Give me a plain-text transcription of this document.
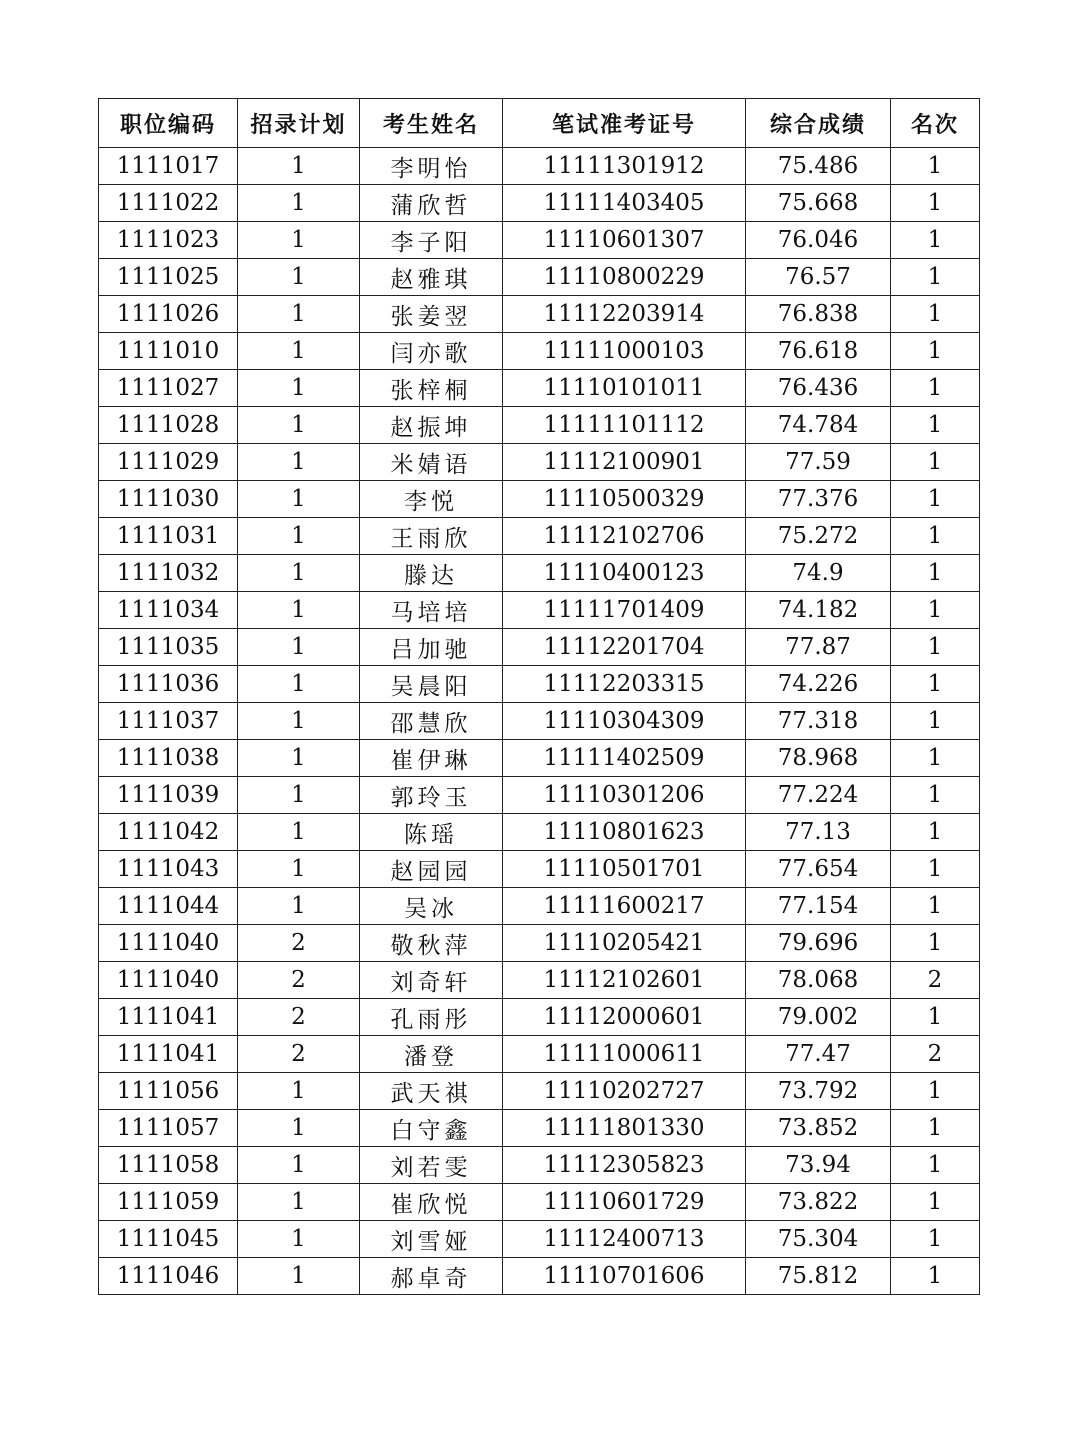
职位编码	招录计划	考生姓名	笔试准考证号	综合成绩	名次
1111017	1	李明怡	11111301912	75.486	1
1111022	1	蒲欣哲	11111403405	75.668	1
1111023	1	李子阳	11110601307	76.046	1
1111025	1	赵雅琪	11110800229	76.57	1
1111026	1	张姜翌	11112203914	76.838	1
1111010	1	闫亦歌	11111000103	76.618	1
1111027	1	张梓桐	11110101011	76.436	1
1111028	1	赵振坤	11111101112	74.784	1
1111029	1	米婧语	11112100901	77.59	1
1111030	1	李悦	11110500329	77.376	1
1111031	1	王雨欣	11112102706	75.272	1
1111032	1	滕达	11110400123	74.9	1
1111034	1	马培培	11111701409	74.182	1
1111035	1	吕加驰	11112201704	77.87	1
1111036	1	吴晨阳	11112203315	74.226	1
1111037	1	邵慧欣	11110304309	77.318	1
1111038	1	崔伊琳	11111402509	78.968	1
1111039	1	郭玲玉	11110301206	77.224	1
1111042	1	陈瑶	11110801623	77.13	1
1111043	1	赵园园	11110501701	77.654	1
1111044	1	吴冰	11111600217	77.154	1
1111040	2	敬秋萍	11110205421	79.696	1
1111040	2	刘奇轩	11112102601	78.068	2
1111041	2	孔雨彤	11112000601	79.002	1
1111041	2	潘登	11111000611	77.47	2
1111056	1	武天祺	11110202727	73.792	1
1111057	1	白守鑫	11111801330	73.852	1
1111058	1	刘若雯	11112305823	73.94	1
1111059	1	崔欣悦	11110601729	73.822	1
1111045	1	刘雪娅	11112400713	75.304	1
1111046	1	郝卓奇	11110701606	75.812	1
